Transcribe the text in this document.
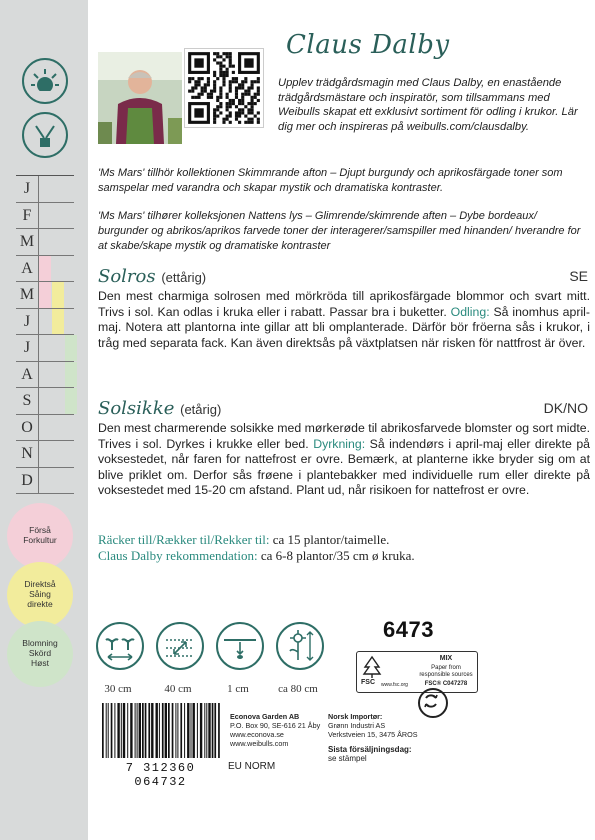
J
F
M
A
M
J
J
A
S
O
N
D
Förså
Forkultur
Direktså
Såing
direkte
Blomning
Skörd
Høst
Claus Dalby
Upplev trädgårdsmagin med Claus Dalby, en enastående trädgårdsmästare och inspiratör, som tillsammans med Weibulls skapat ett exklusivt sortiment för odling i krukor. Lär dig mer och inspireras på weibulls.com/clausdalby.
'Ms Mars' tillhör kollektionen Skimmrande afton – Djupt burgundy och aprikosfärgade toner som samspelar med varandra och skapar mystik och dramatiska kontraster.
'Ms Mars' tilhører kolleksjonen Nattens lys – Glimrende/skimrende aften – Dybe bordeaux/ burgunder og abrikos/aprikos farvede toner der interagerer/samspiller med hinanden/ hverandre for at skabe/skape mystik og dramatiske kontraster
Solros (ettårig)	SE
Den mest charmiga solrosen med mörkröda till aprikosfärgade blommor och svart mitt. Trivs i sol. Kan odlas i kruka eller i rabatt. Passar bra i buketter. Odling: Så inomhus april-maj. Notera att plantorna inte gillar att bli omplanterade. Därför bör fröerna sås i krukor, i tråg med separata fack. Kan även direktsås på växtplatsen när risken för nattfrost är över.
Solsikke (etårig)	DK/NO
Den mest charmerende solsikke med mørkerøde til abrikosfarvede blomster og sort midte. Trives i sol. Dyrkes i krukke eller bed. Dyrkning: Så indendørs i april-maj eller direkte på voksestedet, når faren for nattefrost er ovre. Bemærk, at planterne ikke bryder sig om at blive priklet om. Derfor sås frøene i plantebakker med individuelle rum eller direkte på voksestedet med 15-20 cm afstand. Plant ud, når risikoen for nattefrost er ovre.
Räcker till/Rækker til/Rekker til: ca 15 plantor/taimelle.
Claus Dalby rekommendation: ca 6-8 plantor/35 cm ø kruka.
30 cm	40 cm	1 cm	ca 80 cm
6473
FSC www.fsc.org
MIX
Paper from
responsible sources
FSC® C047278
7 312360 064732
EU NORM
Econova Garden AB
P.O. Box 90, SE-616 21 Åby
www.econova.se
www.weibulls.com
Norsk Importør:
Grønn Industri AS
Verkstveien 15, 3475 ÅROS
Sista försäljningsdag:
se stämpel
